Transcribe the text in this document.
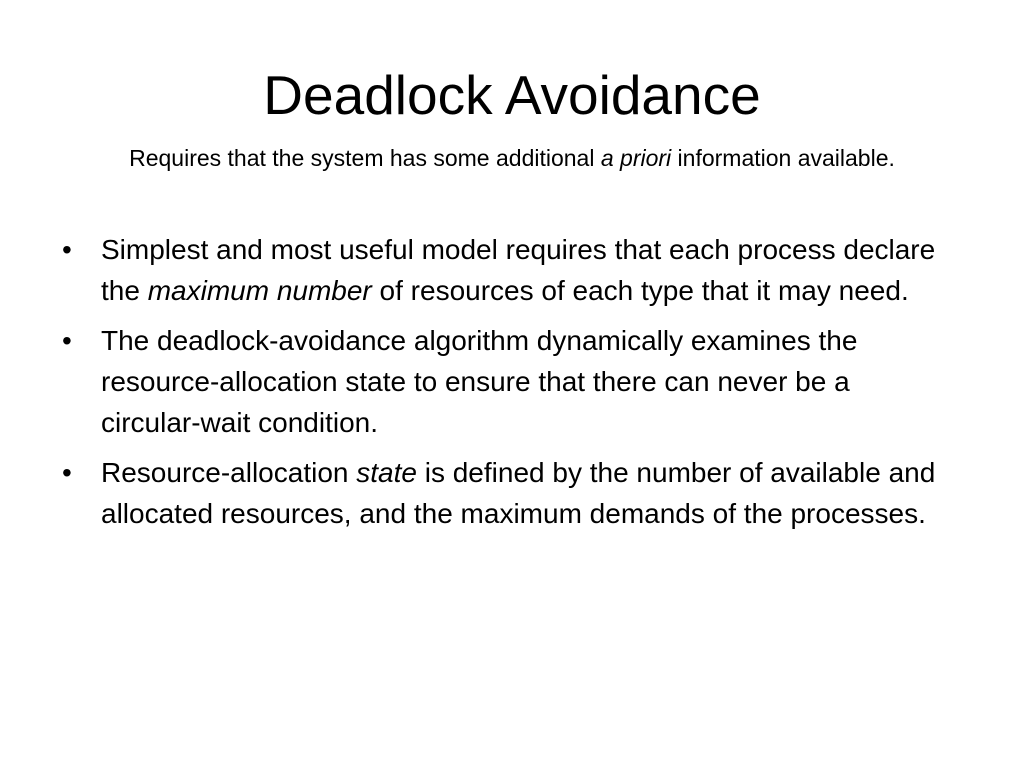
Deadlock Avoidance

Requires that the system has some additional a priori information available.

• Simplest and most useful model requires that each process declare the maximum number of resources of each type that it may need.
• The deadlock-avoidance algorithm dynamically examines the resource-allocation state to ensure that there can never be a circular-wait condition.
• Resource-allocation state is defined by the number of available and allocated resources, and the maximum demands of the processes.
